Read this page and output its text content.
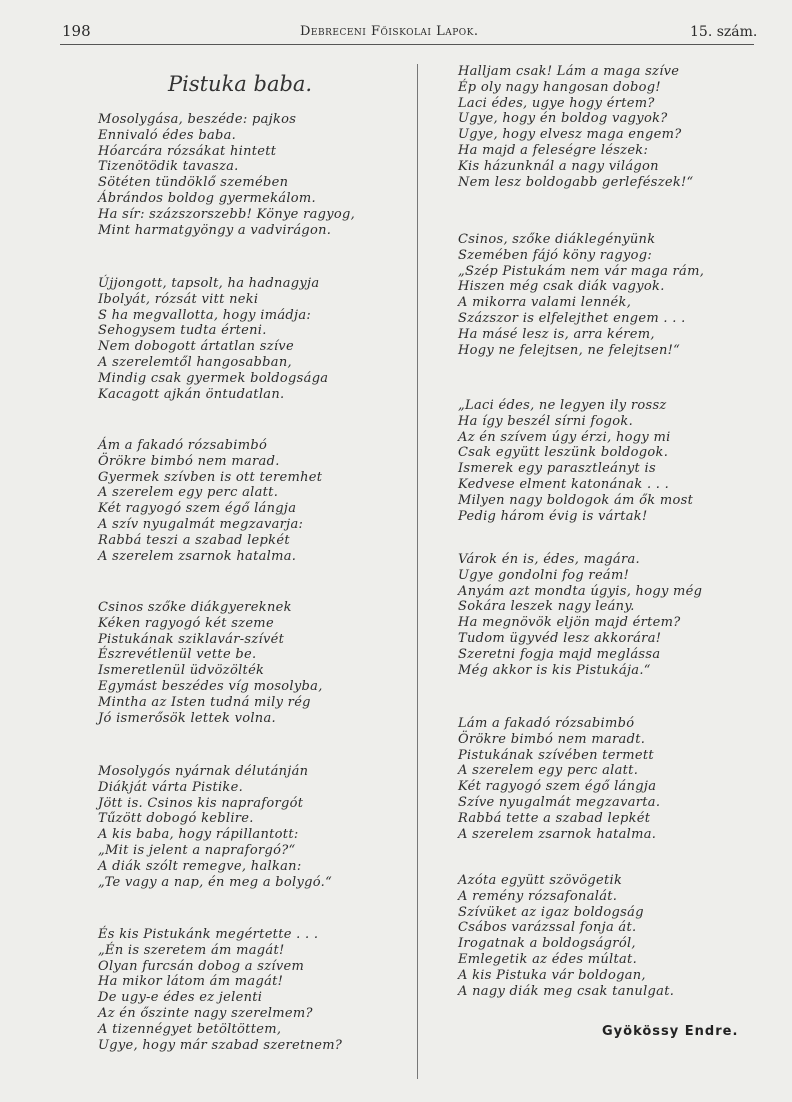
198	Debreceni Főiskolai Lapok.	15. szám.
Pistuka baba.
Mosolygása, beszéde: pajkos
Ennivaló édes baba.
Hóarcára rózsákat hintett
Tizenötödik tavasza.
Sötéten tündöklő szemében
Ábrándos boldog gyermekálom.
Ha sír: százszorszebb! Könye ragyog,
Mint harmatgyöngy a vadvirágon.
Újjongott, tapsolt, ha hadnagyja
Ibolyát, rózsát vitt neki
S ha megvallotta, hogy imádja:
Sehogysem tudta érteni.
Nem dobogott ártatlan szíve
A szerelemtől hangosabban,
Mindig csak gyermek boldogsága
Kacagott ajkán öntudatlan.
Ám a fakadó rózsabimbó
Örökre bimbó nem marad.
Gyermek szívben is ott teremhet
A szerelem egy perc alatt.
Két ragyogó szem égő lángja
A szív nyugalmát megzavarja:
Rabbá teszi a szabad lepkét
A szerelem zsarnok hatalma.
Csinos szőke diákgyereknek
Kéken ragyogó két szeme
Pistukának sziklavár-szívét
Észrevétlenül vette be.
Ismeretlenül üdvözölték
Egymást beszédes víg mosolyba,
Mintha az Isten tudná mily rég
Jó ismerősök lettek volna.
Mosolygós nyárnak délutánján
Diákját várta Pistike.
Jött is. Csinos kis napraforgót
Tűzött dobogó keblire.
A kis baba, hogy rápillantott:
„Mit is jelent a napraforgó?“
A diák szólt remegve, halkan:
„Te vagy a nap, én meg a bolygó.“
És kis Pistukánk megértette . . .
„Én is szeretem ám magát!
Olyan furcsán dobog a szívem
Ha mikor látom ám magát!
De ugy-e édes ez jelenti
Az én őszinte nagy szerelmem?
A tizennégyet betöltöttem,
Ugye, hogy már szabad szeretnem?
Halljam csak! Lám a maga szíve
Ép oly nagy hangosan dobog!
Laci édes, ugye hogy értem?
Ugye, hogy én boldog vagyok?
Ugye, hogy elvesz maga engem?
Ha majd a feleségre lészek:
Kis házunknál a nagy világon
Nem lesz boldogabb gerlefészek!“
Csinos, szőke diáklegényünk
Szemében fájó köny ragyog:
„Szép Pistukám nem vár maga rám,
Hiszen még csak diák vagyok.
A mikorra valami lennék,
Százszor is elfelejthet engem . . .
Ha másé lesz is, arra kérem,
Hogy ne felejtsen, ne felejtsen!“
„Laci édes, ne legyen ily rossz
Ha így beszél sírni fogok.
Az én szívem úgy érzi, hogy mi
Csak együtt leszünk boldogok.
Ismerek egy parasztleányt is
Kedvese elment katonának . . .
Milyen nagy boldogok ám ők most
Pedig három évig is vártak!
Várok én is, édes, magára.
Ugye gondolni fog reám!
Anyám azt mondta úgyis, hogy még
Sokára leszek nagy leány.
Ha megnövök eljön majd értem?
Tudom ügyvéd lesz akkorára!
Szeretni fogja majd meglássa
Még akkor is kis Pistukája.“
Lám a fakadó rózsabimbó
Örökre bimbó nem maradt.
Pistukának szívében termett
A szerelem egy perc alatt.
Két ragyogó szem égő lángja
Szíve nyugalmát megzavarta.
Rabbá tette a szabad lepkét
A szerelem zsarnok hatalma.
Azóta együtt szövögetik
A remény rózsafonalát.
Szívüket az igaz boldogság
Csábos varázssal fonja át.
Irogatnak a boldogságról,
Emlegetik az édes múltat.
A kis Pistuka vár boldogan,
A nagy diák meg csak tanulgat.
Gyökössy Endre.
